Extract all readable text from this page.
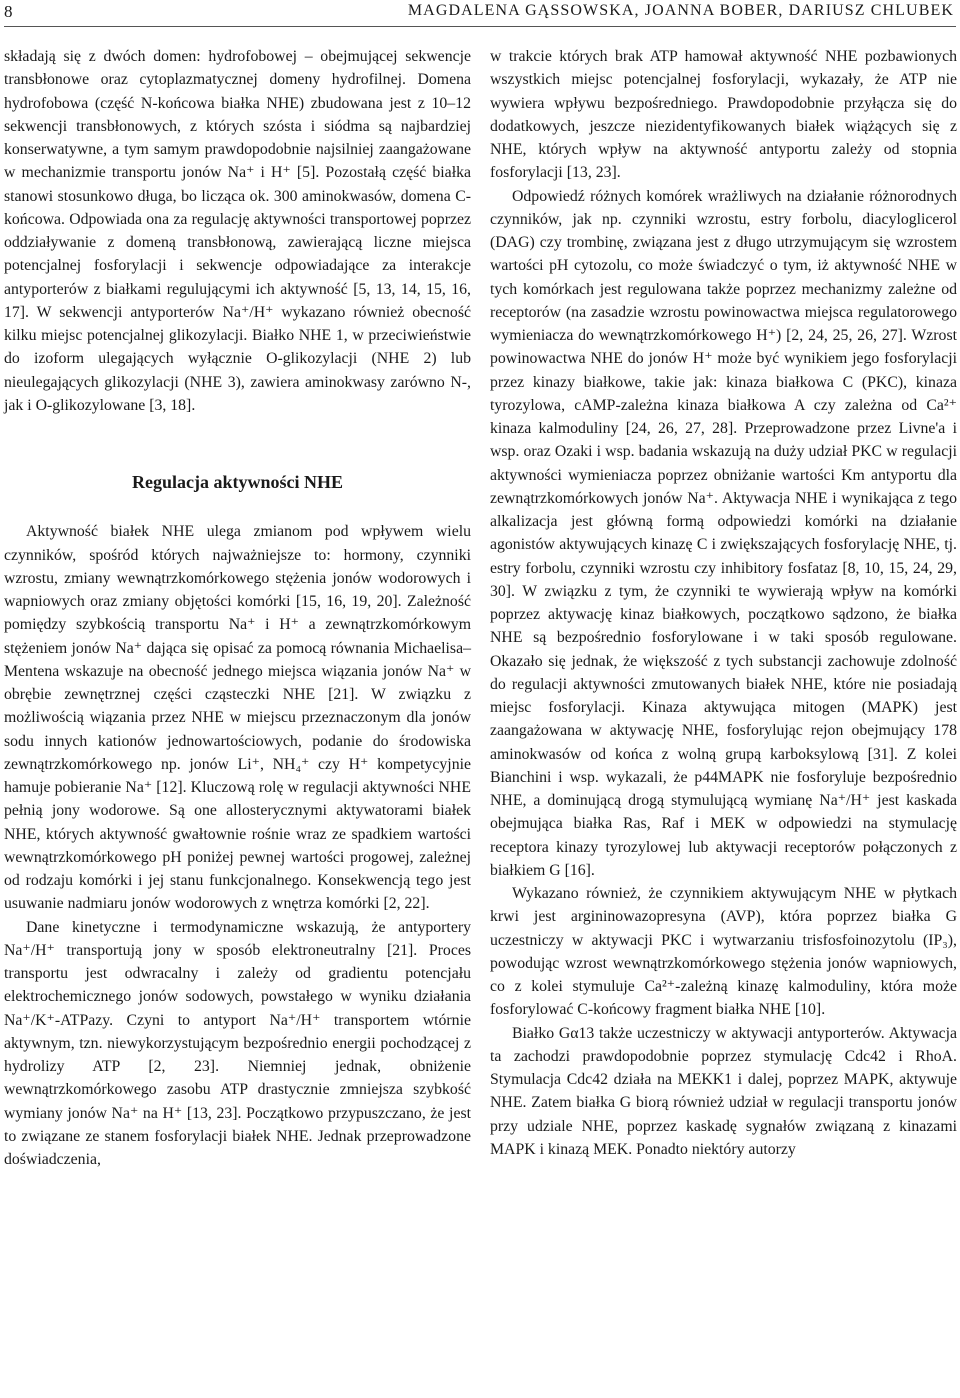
8	MAGDALENA GĄSSOWSKA, JOANNA BOBER, DARIUSZ CHLUBEK

składają się z dwóch domen: hydrofobowej – obejmującej sekwencje transbłonowe oraz cytoplazmatycznej domeny hydrofilnej. Domena hydrofobowa (część N-końcowa białka NHE) zbudowana jest z 10–12 sekwencji transbłonowych, z których szósta i siódma są najbardziej konserwatywne, a tym samym prawdopodobnie najsilniej zaangażowane w mechanizmie transportu jonów Na⁺ i H⁺ [5]. Pozostałą część białka stanowi stosunkowo długa, bo licząca ok. 300 aminokwasów, domena C-końcowa. Odpowiada ona za regulację aktywności transportowej poprzez oddziaływanie z domeną transbłonową, zawierającą liczne miejsca potencjalnej fosforylacji i sekwencje odpowiadające za interakcje antyporterów z białkami regulującymi ich aktywność [5, 13, 14, 15, 16, 17]. W sekwencji antyporterów Na⁺/H⁺ wykazano również obecność kilku miejsc potencjalnej glikozylacji. Białko NHE 1, w przeciwieństwie do izoform ulegających wyłącznie O-glikozylacji (NHE 2) lub nieulegających glikozylacji (NHE 3), zawiera aminokwasy zarówno N-, jak i O-glikozylowane [3, 18].

Regulacja aktywności NHE

Aktywność białek NHE ulega zmianom pod wpływem wielu czynników, spośród których najważniejsze to: hormony, czynniki wzrostu, zmiany wewnątrzkomórkowego stężenia jonów wodorowych i wapniowych oraz zmiany objętości komórki [15, 16, 19, 20]. Zależność pomiędzy szybkością transportu Na⁺ i H⁺ a zewnątrzkomórkowym stężeniem jonów Na⁺ dająca się opisać za pomocą równania Michaelisa–Mentena wskazuje na obecność jednego miejsca wiązania jonów Na⁺ w obrębie zewnętrznej części cząsteczki NHE [21]. W związku z możliwością wiązania przez NHE w miejscu przeznaczonym dla jonów sodu innych kationów jednowartościowych, podanie do środowiska zewnątrzkomórkowego np. jonów Li⁺, NH₄⁺ czy H⁺ kompetycyjnie hamuje pobieranie Na⁺ [12]. Kluczową rolę w regulacji aktywności NHE pełnią jony wodorowe. Są one allosterycznymi aktywatorami białek NHE, których aktywność gwałtownie rośnie wraz ze spadkiem wartości wewnątrzkomórkowego pH poniżej pewnej wartości progowej, zależnej od rodzaju komórki i jej stanu funkcjonalnego. Konsekwencją tego jest usuwanie nadmiaru jonów wodorowych z wnętrza komórki [2, 22].

Dane kinetyczne i termodynamiczne wskazują, że antyportery Na⁺/H⁺ transportują jony w sposób elektroneutralny [21]. Proces transportu jest odwracalny i zależy od gradientu potencjału elektrochemicznego jonów sodowych, powstałego w wyniku działania Na⁺/K⁺-ATPazy. Czyni to antyport Na⁺/H⁺ transportem wtórnie aktywnym, tzn. niewykorzystującym bezpośrednio energii pochodzącej z hydrolizy ATP [2, 23]. Niemniej jednak, obniżenie wewnątrzkomórkowego zasobu ATP drastycznie zmniejsza szybkość wymiany jonów Na⁺ na H⁺ [13, 23]. Początkowo przypuszczano, że jest to związane ze stanem fosforylacji białek NHE. Jednak przeprowadzone doświadczenia,

w trakcie których brak ATP hamował aktywność NHE pozbawionych wszystkich miejsc potencjalnej fosforylacji, wykazały, że ATP nie wywiera wpływu bezpośredniego. Prawdopodobnie przyłącza się do dodatkowych, jeszcze niezidentyfikowanych białek wiążących się z NHE, których wpływ na aktywność antyportu zależy od stopnia fosforylacji [13, 23].

Odpowiedź różnych komórek wrażliwych na działanie różnorodnych czynników, jak np. czynniki wzrostu, estry forbolu, diacyloglicerol (DAG) czy trombinę, związana jest z długo utrzymującym się wzrostem wartości pH cytozolu, co może świadczyć o tym, iż aktywność NHE w tych komórkach jest regulowana także poprzez mechanizmy zależne od receptorów (na zasadzie wzrostu powinowactwa miejsca regulatorowego wymieniacza do wewnątrzkomórkowego H⁺) [2, 24, 25, 26, 27]. Wzrost powinowactwa NHE do jonów H⁺ może być wynikiem jego fosforylacji przez kinazy białkowe, takie jak: kinaza białkowa C (PKC), kinaza tyrozylowa, cAMP-zależna kinaza białkowa A czy zależna od Ca²⁺ kinaza kalmoduliny [24, 26, 27, 28]. Przeprowadzone przez Livne'a i wsp. oraz Ozaki i wsp. badania wskazują na duży udział PKC w regulacji aktywności wymieniacza poprzez obniżanie wartości Km antyportu dla zewnątrzkomórkowych jonów Na⁺. Aktywacja NHE i wynikająca z tego alkalizacja jest główną formą odpowiedzi komórki na działanie agonistów aktywujących kinazę C i zwiększających fosforylację NHE, tj. estry forbolu, czynniki wzrostu czy inhibitory fosfataz [8, 10, 15, 24, 29, 30]. W związku z tym, że czynniki te wywierają wpływ na komórki poprzez aktywację kinaz białkowych, początkowo sądzono, że białka NHE są bezpośrednio fosforylowane i w taki sposób regulowane. Okazało się jednak, że większość z tych substancji zachowuje zdolność do regulacji aktywności zmutowanych białek NHE, które nie posiadają miejsc fosforylacji. Kinaza aktywująca mitogen (MAPK) jest zaangażowana w aktywację NHE, fosforylując rejon obejmujący 178 aminokwasów od końca z wolną grupą karboksylową [31]. Z kolei Bianchini i wsp. wykazali, że p44MAPK nie fosforyluje bezpośrednio NHE, a dominującą drogą stymulującą wymianę Na⁺/H⁺ jest kaskada obejmująca białka Ras, Raf i MEK w odpowiedzi na stymulację receptora kinazy tyrozylowej lub aktywacji receptorów połączonych z białkiem G [16].

Wykazano również, że czynnikiem aktywującym NHE w płytkach krwi jest argininowazopresyna (AVP), która poprzez białka G uczestniczy w aktywacji PKC i wytwarzaniu trisfosfoinozytolu (IP₃), powodując wzrost wewnątrzkomórkowego stężenia jonów wapniowych, co z kolei stymuluje Ca²⁺-zależną kinazę kalmoduliny, która może fosforylować C-końcowy fragment białka NHE [10].

Białko Gα13 także uczestniczy w aktywacji antyporterów. Aktywacja ta zachodzi prawdopodobnie poprzez stymulację Cdc42 i RhoA. Stymulacja Cdc42 działa na MEKK1 i dalej, poprzez MAPK, aktywuje NHE. Zatem białka G biorą również udział w regulacji transportu jonów przy udziale NHE, poprzez kaskadę sygnałów związaną z kinazami MAPK i kinazą MEK. Ponadto niektóry autorzy
